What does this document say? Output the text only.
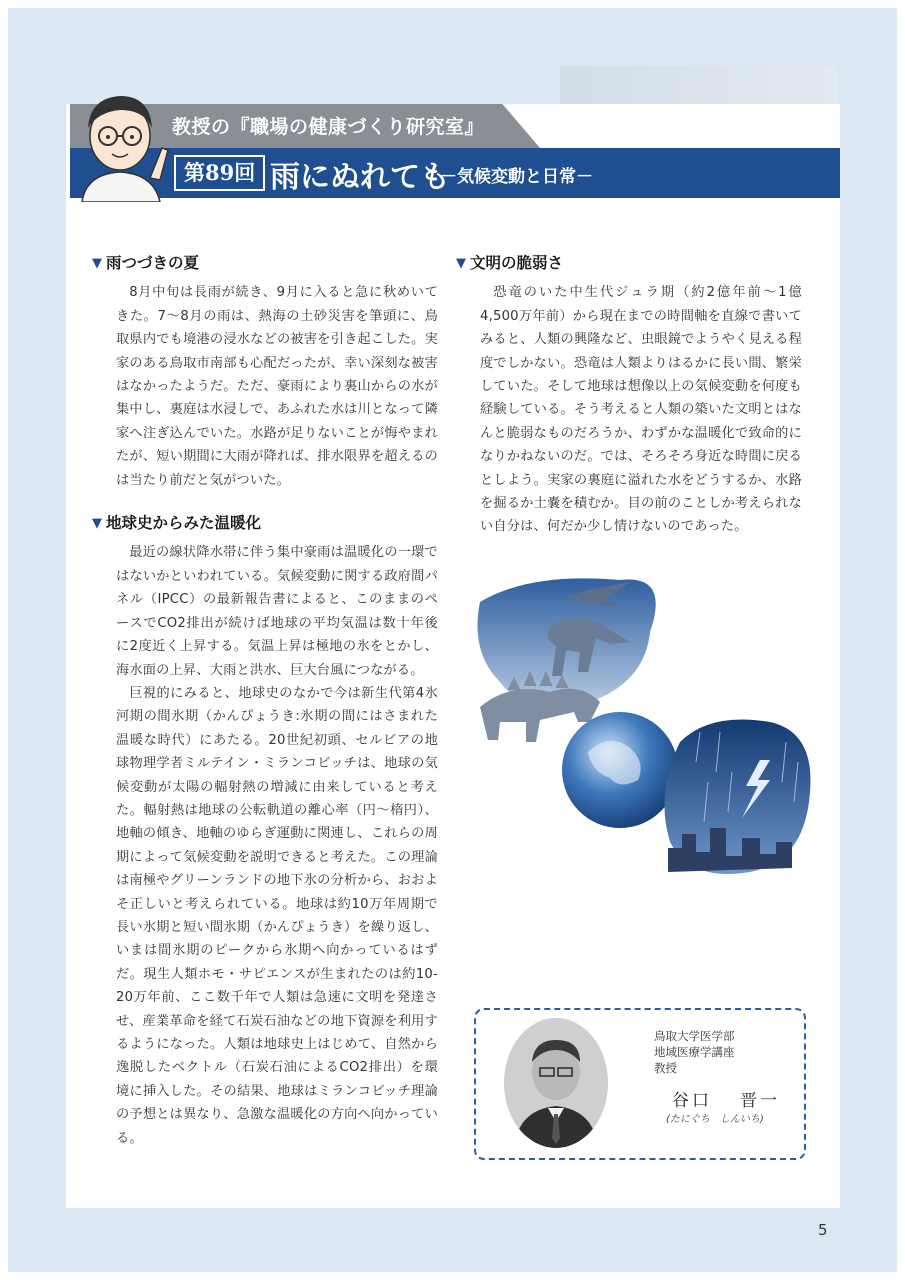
教授の『職場の健康づくり研究室』
第89回 雨にぬれても
－気候変動と日常－
▼ 雨つづきの夏

8月中旬は長雨が続き、9月に入ると急に秋めいてきた。7～8月の雨は、熱海の土砂災害を筆頭に、鳥取県内でも境港の浸水などの被害を引き起こした。実家のある鳥取市南部も心配だったが、幸い深刻な被害はなかったようだ。ただ、豪雨により裏山からの水が集中し、裏庭は水浸しで、あふれた水は川となって隣家へ注ぎ込んでいた。水路が足りないことが悔やまれたが、短い期間に大雨が降れば、排水限界を超えるのは当たり前だと気がついた。

▼ 地球史からみた温暖化

最近の線状降水帯に伴う集中豪雨は温暖化の一環ではないかといわれている。気候変動に関する政府間パネル（IPCC）の最新報告書によると、このままのペースでCO2排出が続けば地球の平均気温は数十年後に2度近く上昇する。気温上昇は極地の氷をとかし、海水面の上昇、大雨と洪水、巨大台風につながる。

巨視的にみると、地球史のなかで今は新生代第4氷河期の間氷期（かんぴょうき:氷期の間にはさまれた温暖な時代）にあたる。20世紀初頭、セルビアの地球物理学者ミルテイン・ミランコビッチは、地球の気候変動が太陽の輻射熱の増減に由来していると考えた。輻射熱は地球の公転軌道の離心率（円～楕円）、地軸の傾き、地軸のゆらぎ運動に関連し、これらの周期によって気候変動を説明できると考えた。この理論は南極やグリーンランドの地下氷の分析から、おおよそ正しいと考えられている。地球は約10万年周期で長い氷期と短い間氷期（かんぴょうき）を繰り返し、いまは間氷期のピークから氷期へ向かっているはずだ。現生人類ホモ・サピエンスが生まれたのは約10-20万年前、ここ数千年で人類は急速に文明を発達させ、産業革命を経て石炭石油などの地下資源を利用するようになった。人類は地球史上はじめて、自然から逸脱したベクトル（石炭石油によるCO2排出）を環境に挿入した。その結果、地球はミランコビッチ理論の予想とは異なり、急激な温暖化の方向へ向かっている。

▼ 文明の脆弱さ

恐竜のいた中生代ジュラ期（約2億年前～1億4,500万年前）から現在までの時間軸を直線で書いてみると、人類の興隆など、虫眼鏡でようやく見える程度でしかない。恐竜は人類よりはるかに長い間、繁栄していた。そして地球は想像以上の気候変動を何度も経験している。そう考えると人類の築いた文明とはなんと脆弱なものだろうか、わずかな温暖化で致命的になりかねないのだ。では、そろそろ身近な時間に戻るとしよう。実家の裏庭に溢れた水をどうするか、水路を掘るか土嚢を積むか。目の前のことしか考えられない自分は、何だか少し情けないのであった。

鳥取大学医学部
地域医療学講座
教授
谷口 晋一
(たにぐち　しんいち)
5
